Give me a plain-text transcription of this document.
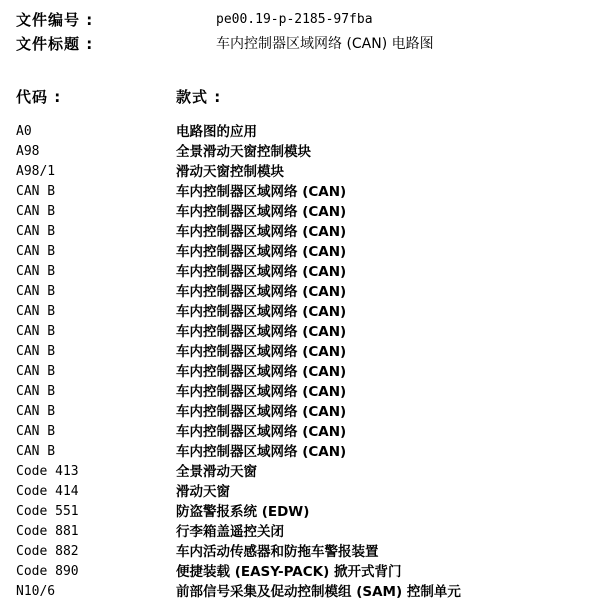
文件编号 :	pe00.19-p-2185-97fba
文件标题 :	车内控制器区域网络 (CAN) 电路图
代码 :	款式 :
A0	电路图的应用
A98	全景滑动天窗控制模块
A98/1	滑动天窗控制模块
CAN B	车内控制器区域网络 (CAN)
CAN B	车内控制器区域网络 (CAN)
CAN B	车内控制器区域网络 (CAN)
CAN B	车内控制器区域网络 (CAN)
CAN B	车内控制器区域网络 (CAN)
CAN B	车内控制器区域网络 (CAN)
CAN B	车内控制器区域网络 (CAN)
CAN B	车内控制器区域网络 (CAN)
CAN B	车内控制器区域网络 (CAN)
CAN B	车内控制器区域网络 (CAN)
CAN B	车内控制器区域网络 (CAN)
CAN B	车内控制器区域网络 (CAN)
CAN B	车内控制器区域网络 (CAN)
CAN B	车内控制器区域网络 (CAN)
Code 413	全景滑动天窗
Code 414	滑动天窗
Code 551	防盗警报系统 (EDW)
Code 881	行李箱盖遥控关闭
Code 882	车内活动传感器和防拖车警报装置
Code 890	便捷装载 (EASY-PACK) 掀开式背门
N10/6	前部信号采集及促动控制模组 (SAM) 控制单元
